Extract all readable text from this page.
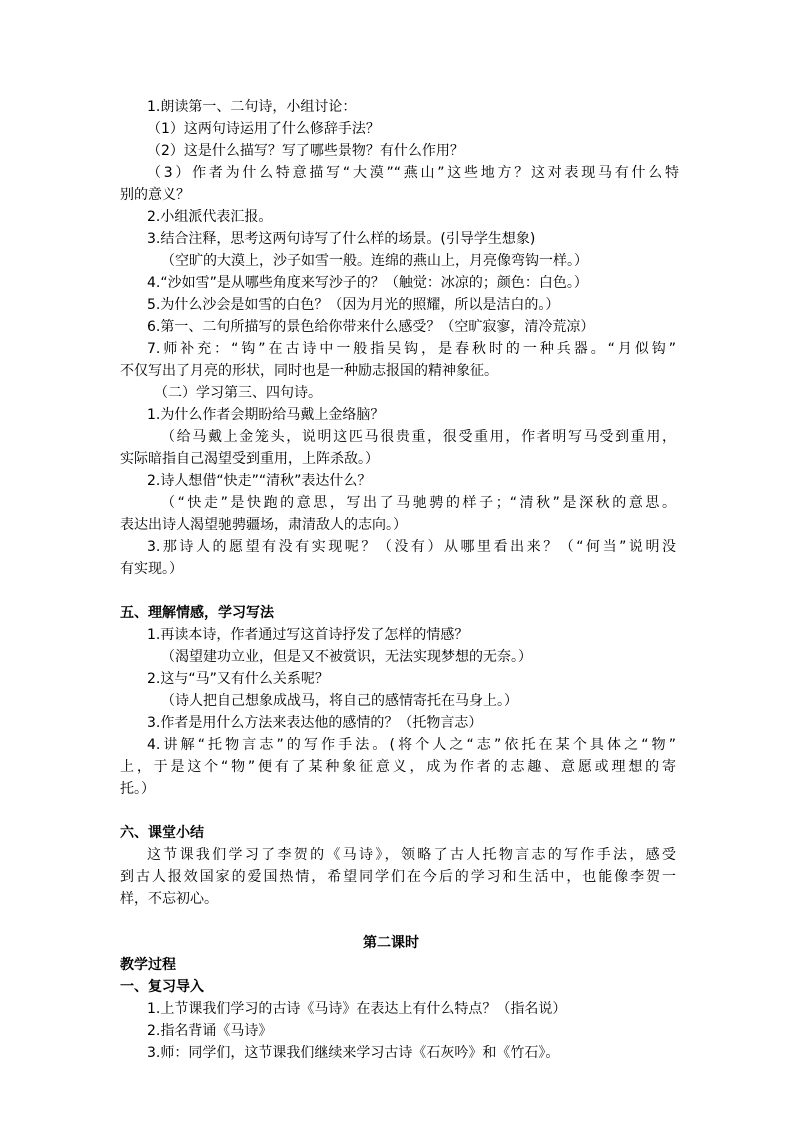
1.朗读第一、二句诗，小组讨论：
（1）这两句诗运用了什么修辞手法？
（2）这是什么描写？写了哪些景物？有什么作用？
（3）作者为什么特意描写“大漠”“燕山”这些地方？这对表现马有什么特
别的意义？
2.小组派代表汇报。
3.结合注释，思考这两句诗写了什么样的场景。(引导学生想象)
（空旷的大漠上，沙子如雪一般。连绵的燕山上，月亮像弯钩一样。）
4.“沙如雪”是从哪些角度来写沙子的？（触觉：冰凉的；颜色：白色。）
5.为什么沙会是如雪的白色？（因为月光的照耀，所以是洁白的。）
6.第一、二句所描写的景色给你带来什么感受？（空旷寂寥，清冷荒凉）
7.师补充：“钩”在古诗中一般指吴钩，是春秋时的一种兵器。“月似钩”
不仅写出了月亮的形状，同时也是一种励志报国的精神象征。
（二）学习第三、四句诗。
1.为什么作者会期盼给马戴上金络脑？
（给马戴上金笼头，说明这匹马很贵重，很受重用，作者明写马受到重用，
实际暗指自己渴望受到重用，上阵杀敌。）
2.诗人想借“快走”“清秋”表达什么？
（“快走”是快跑的意思，写出了马驰骋的样子；“清秋”是深秋的意思。
表达出诗人渴望驰骋疆场，肃清敌人的志向。）
3.那诗人的愿望有没有实现呢？（没有）从哪里看出来？（“何当”说明没
有实现。）
五、理解情感，学习写法
1.再读本诗，作者通过写这首诗抒发了怎样的情感？
（渴望建功立业，但是又不被赏识，无法实现梦想的无奈。）
2.这与“马”又有什么关系呢？
（诗人把自己想象成战马，将自己的感情寄托在马身上。）
3.作者是用什么方法来表达他的感情的？（托物言志）
4.讲解“托物言志”的写作手法。(将个人之“志”依托在某个具体之“物”
上，于是这个“物”便有了某种象征意义，成为作者的志趣、意愿或理想的寄
托。）
六、课堂小结
这节课我们学习了李贺的《马诗》，领略了古人托物言志的写作手法，感受
到古人报效国家的爱国热情，希望同学们在今后的学习和生活中，也能像李贺一
样，不忘初心。
第二课时
教学过程
一、复习导入
1.上节课我们学习的古诗《马诗》在表达上有什么特点？（指名说）
2.指名背诵《马诗》
3.师：同学们，这节课我们继续来学习古诗《石灰吟》和《竹石》。
